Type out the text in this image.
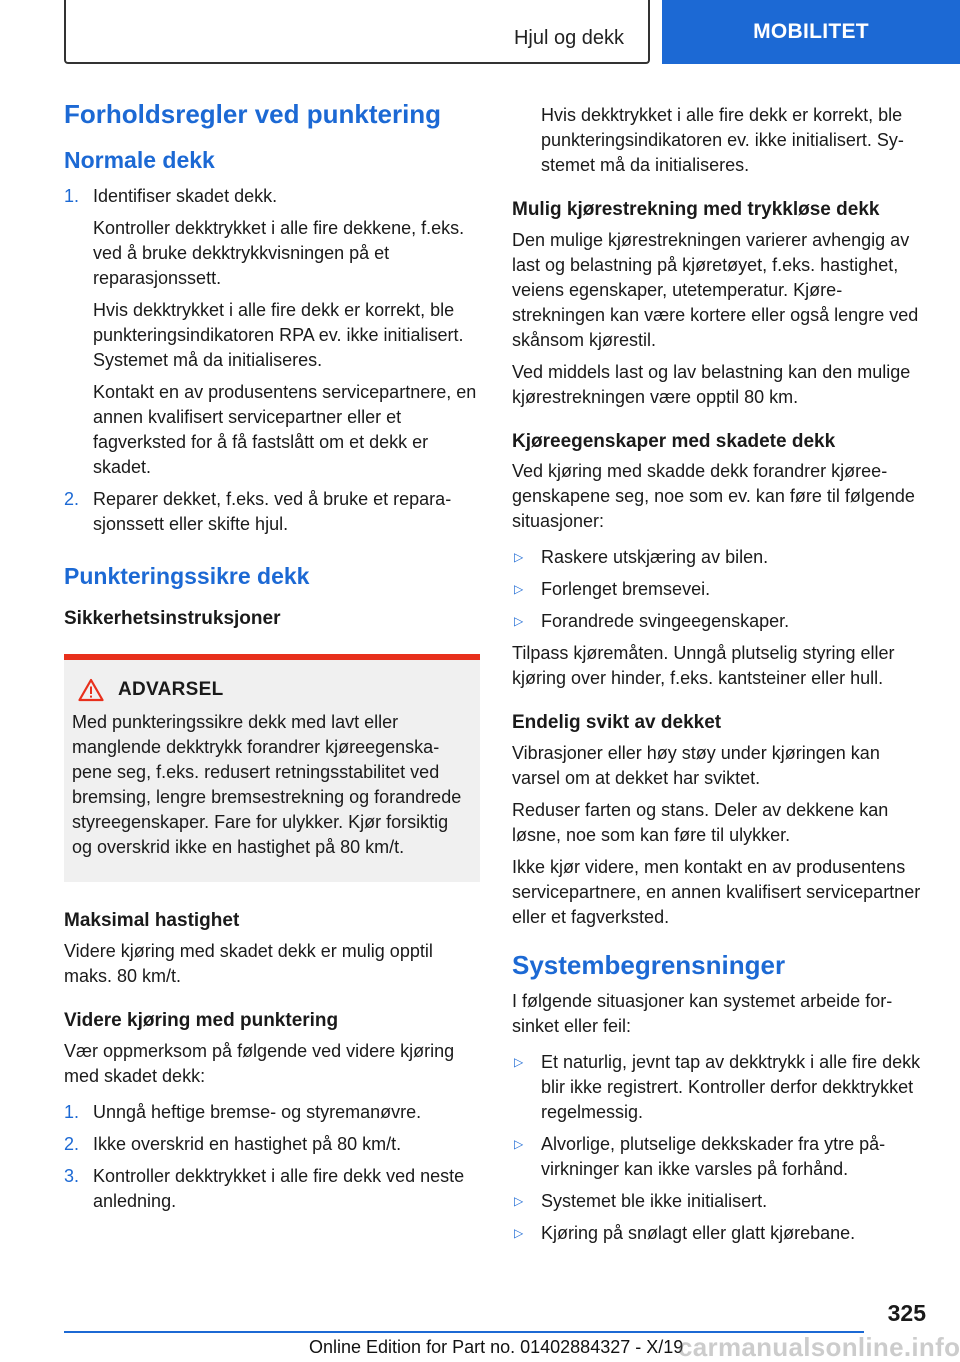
Hjul og dekk	MOBILITET
Forholdsregler ved punktering
Normale dekk
1. Identifiser skadet dekk.

Kontroller dekktrykket i alle fire dekkene, f.eks. ved å bruke dekktrykkvisningen på et reparasjonssett.

Hvis dekktrykket i alle fire dekk er korrekt, ble punkteringsindikatoren RPA ev. ikke initialisert. Systemet må da initialiseres.

Kontakt en av produsentens servicepartnere, en annen kvalifisert servicepartner eller et fagverksted for å få fastslått om et dekk er skadet.

2. Reparer dekket, f.eks. ved å bruke et reparasjonssett eller skifte hjul.
Punkteringssikre dekk
Sikkerhetsinstruksjoner
ADVARSEL

Med punkteringssikre dekk med lavt eller manglende dekktrykk forandrer kjøreegenskapene seg, f.eks. redusert retningsstabilitet ved bremsing, lengre bremsestrekning og forandrede styreegenskaper. Fare for ulykker. Kjør forsiktig og overskrid ikke en hastighet på 80 km/t.

Maksimal hastighet

Videre kjøring med skadet dekk er mulig opptil maks. 80 km/t.

Videre kjøring med punktering

Vær oppmerksom på følgende ved videre kjøring med skadet dekk:

1. Unngå heftige bremse- og styremanøvre.
2. Ikke overskrid en hastighet på 80 km/t.
3. Kontroller dekktrykket i alle fire dekk ved neste anledning.

Hvis dekktrykket i alle fire dekk er korrekt, ble punkteringsindikatoren ev. ikke initialisert. Systemet må da initialiseres.

Mulig kjørestrekning med trykkløse dekk

Den mulige kjørestrekningen varierer avhengig av last og belastning på kjøretøyet, f.eks. hastighet, veiens egenskaper, utetemperatur. Kjørestrekningen kan være kortere eller også lengre ved skånsom kjørestil.

Ved middels last og lav belastning kan den mulige kjørestrekningen være opptil 80 km.

Kjøreegenskaper med skadete dekk

Ved kjøring med skadde dekk forandrer kjøreegenskapene seg, noe som ev. kan føre til følgende situasjoner:

▷ Raskere utskjæring av bilen.
▷ Forlenget bremsevei.
▷ Forandrede svingeegenskaper.

Tilpass kjøremåten. Unngå plutselig styring eller kjøring over hinder, f.eks. kantsteiner eller hull.

Endelig svikt av dekket

Vibrasjoner eller høy støy under kjøringen kan varsel om at dekket har sviktet.

Reduser farten og stans. Deler av dekkene kan løsne, noe som kan føre til ulykker.

Ikke kjør videre, men kontakt en av produsentens servicepartnere, en annen kvalifisert servicepartner eller et fagverksted.

Systembegrensninger

I følgende situasjoner kan systemet arbeide forsinket eller feil:

▷ Et naturlig, jevnt tap av dekktrykk i alle fire dekk blir ikke registrert. Kontroller derfor dekktrykket regelmessig.
▷ Alvorlige, plutselige dekkskader fra ytre påvirkninger kan ikke varsles på forhånd.
▷ Systemet ble ikke initialisert.
▷ Kjøring på snølagt eller glatt kjørebane.
325
Online Edition for Part no. 01402884327 - X/19
carmanualsonline.info
